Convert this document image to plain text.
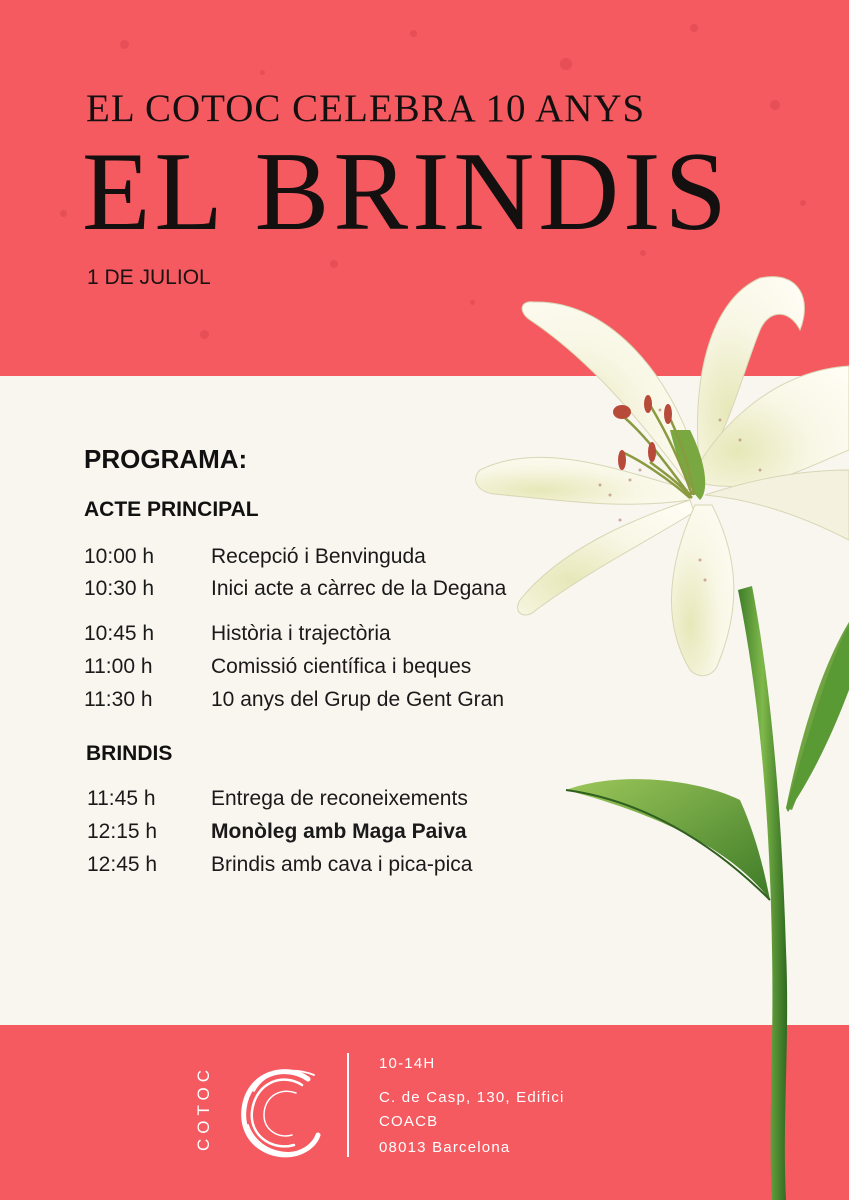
EL COTOC CELEBRA 10 ANYS
EL BRINDIS
1 DE JULIOL
PROGRAMA:
ACTE PRINCIPAL
10:00 h	Recepció i Benvinguda
10:30 h	Inici acte a càrrec de la Degana
10:45 h	Història i trajectòria
11:00 h	Comissió científica i beques
11:30 h	10 anys del Grup de Gent Gran
BRINDIS
11:45 h	Entrega de reconeixements
12:15 h	Monòleg amb Maga Paiva
12:45 h	Brindis amb cava i pica-pica
COTOC
10-14H
C. de Casp, 130, Edifici
COACB
08013 Barcelona
